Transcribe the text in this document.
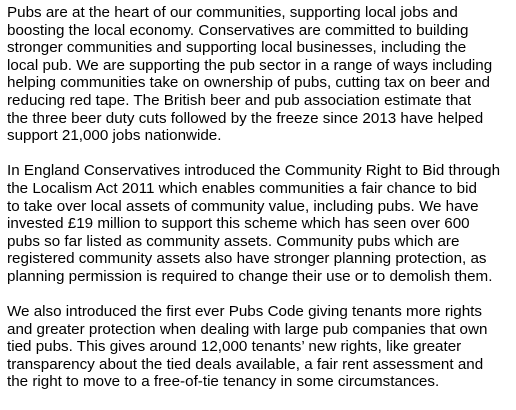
Pubs are at the heart of our communities, supporting local jobs and
boosting the local economy. Conservatives are committed to building
stronger communities and supporting local businesses, including the
local pub. We are supporting the pub sector in a range of ways including
helping communities take on ownership of pubs, cutting tax on beer and
reducing red tape. The British beer and pub association estimate that
the three beer duty cuts followed by the freeze since 2013 have helped
support 21,000 jobs nationwide.

In England Conservatives introduced the Community Right to Bid through
the Localism Act 2011 which enables communities a fair chance to bid
to take over local assets of community value, including pubs. We have
invested £19 million to support this scheme which has seen over 600
pubs so far listed as community assets. Community pubs which are
registered community assets also have stronger planning protection, as
planning permission is required to change their use or to demolish them.

We also introduced the first ever Pubs Code giving tenants more rights
and greater protection when dealing with large pub companies that own
tied pubs. This gives around 12,000 tenants’ new rights, like greater
transparency about the tied deals available, a fair rent assessment and
the right to move to a free-of-tie tenancy in some circumstances.
